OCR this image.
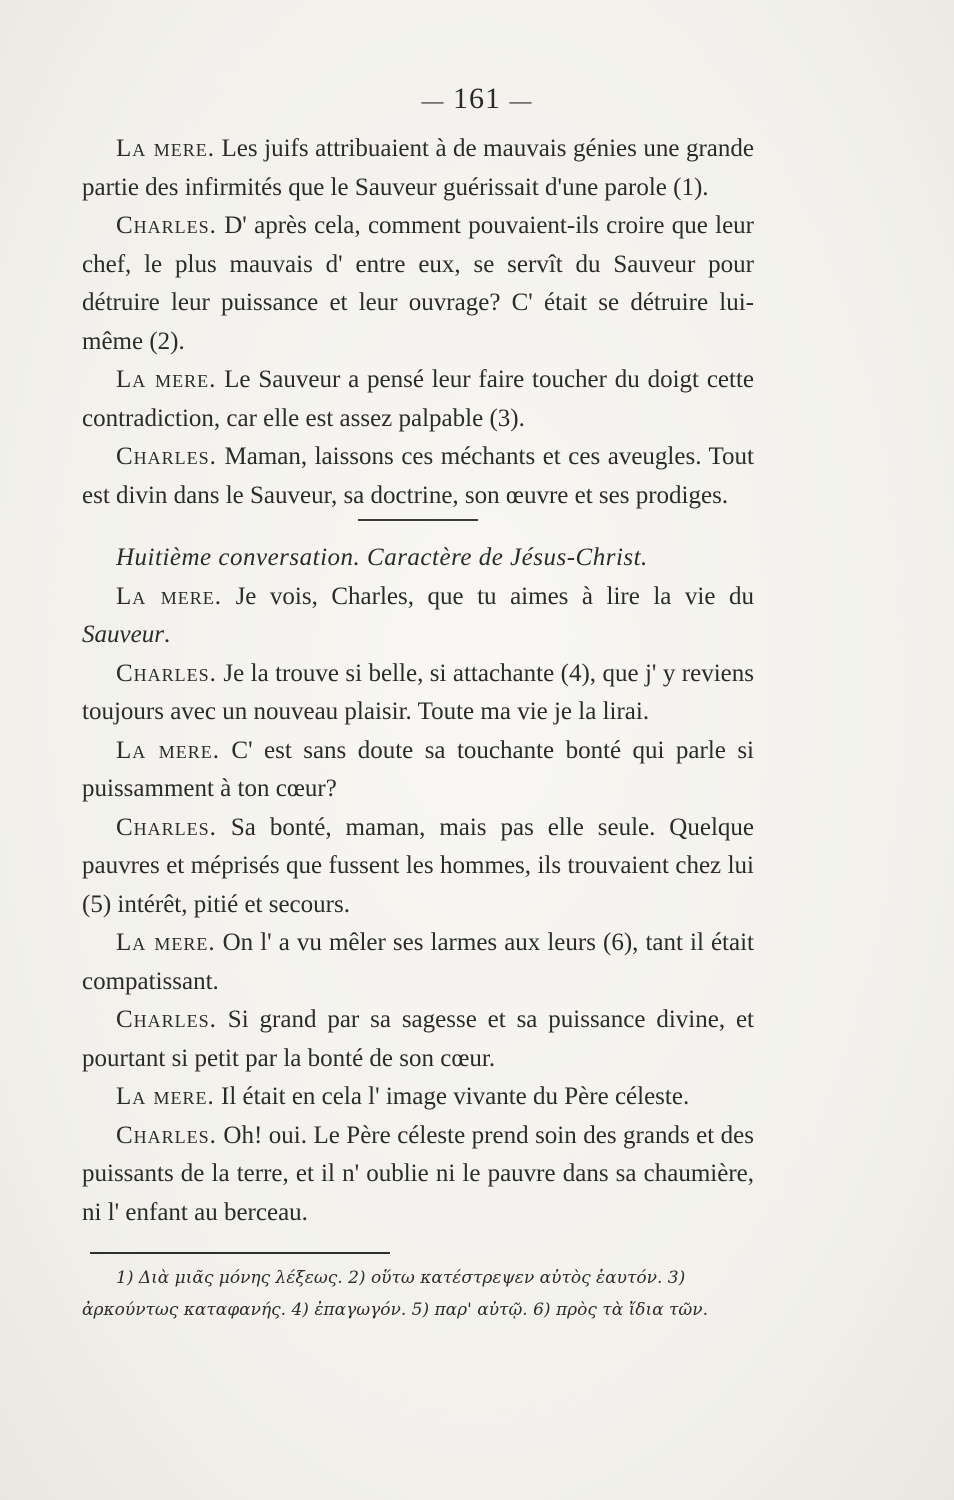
— 161 —

La mere. Les juifs attribuaient à de mauvais génies une grande partie des infirmités que le Sauveur guérissait d'une parole (1).

Charles. D' après cela, comment pouvaient-ils croire que leur chef, le plus mauvais d' entre eux, se servît du Sauveur pour détruire leur puissance et leur ouvrage? C' était se détruire lui-même (2).

La mere. Le Sauveur a pensé leur faire toucher du doigt cette contradiction, car elle est assez palpable (3).

Charles. Maman, laissons ces méchants et ces aveugles. Tout est divin dans le Sauveur, sa doctrine, son œuvre et ses prodiges.

Huitième conversation. Caractère de Jésus-Christ.

La mere. Je vois, Charles, que tu aimes à lire la vie du Sauveur.

Charles. Je la trouve si belle, si attachante (4), que j' y reviens toujours avec un nouveau plaisir. Toute ma vie je la lirai.

La mere. C' est sans doute sa touchante bonté qui parle si puissamment à ton cœur?

Charles. Sa bonté, maman, mais pas elle seule. Quelque pauvres et méprisés que fussent les hommes, ils trouvaient chez lui (5) intérêt, pitié et secours.

La mere. On l' a vu mêler ses larmes aux leurs (6), tant il était compatissant.

Charles. Si grand par sa sagesse et sa puissance divine, et pourtant si petit par la bonté de son cœur.

La mere. Il était en cela l' image vivante du Père céleste.

Charles. Oh! oui. Le Père céleste prend soin des grands et des puissants de la terre, et il n' oublie ni le pauvre dans sa chaumière, ni l' enfant au berceau.

1) Διὰ μιᾶς μόνης λέξεως. 2) οὕτω κατέστρεψεν αὐτὸς ἑαυτόν. 3) ἀρκούντως καταφανής. 4) ἐπαγωγόν. 5) παρ' αὐτῷ. 6) πρὸς τὰ ἴδια τῶν.
